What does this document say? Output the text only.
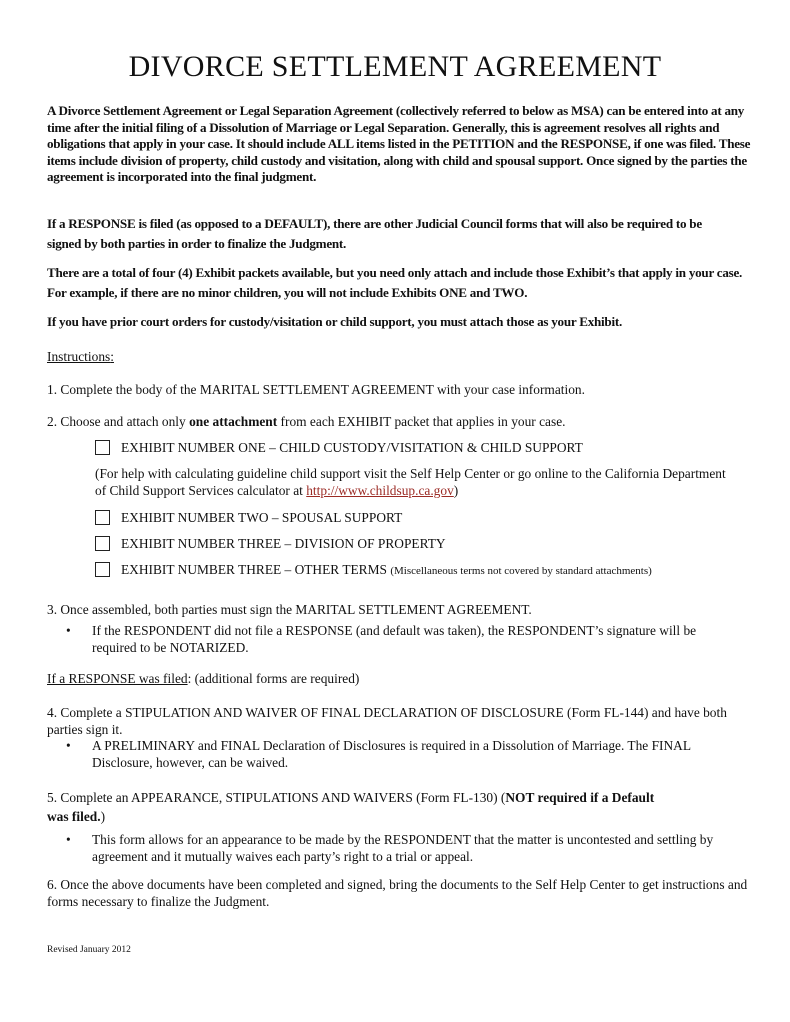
DIVORCE SETTLEMENT AGREEMENT
A Divorce Settlement Agreement or Legal Separation Agreement (collectively referred to below as MSA) can be entered into at any time after the initial filing of a Dissolution of Marriage or Legal Separation. Generally, this is agreement resolves all rights and obligations that apply in your case. It should include ALL items listed in the PETITION and the RESPONSE, if one was filed. These items include division of property, child custody and visitation, along with child and spousal support. Once signed by the parties the agreement is incorporated into the final judgment.
If a RESPONSE is filed (as opposed to a DEFAULT), there are other Judicial Council forms that will also be required to be signed by both parties in order to finalize the Judgment.
There are a total of four (4) Exhibit packets available, but you need only attach and include those Exhibit’s that apply in your case. For example, if there are no minor children, you will not include Exhibits ONE and TWO.
If you have prior court orders for custody/visitation or child support, you must attach those as your Exhibit.
Instructions:
1. Complete the body of the MARITAL SETTLEMENT AGREEMENT with your case information.
2. Choose and attach only one attachment from each EXHIBIT packet that applies in your case.
EXHIBIT NUMBER ONE – CHILD CUSTODY/VISITATION & CHILD SUPPORT
(For help with calculating guideline child support visit the Self Help Center or go online to the California Department of Child Support Services calculator at http://www.childsup.ca.gov)
EXHIBIT NUMBER TWO – SPOUSAL SUPPORT
EXHIBIT NUMBER THREE – DIVISION OF PROPERTY
EXHIBIT NUMBER THREE – OTHER TERMS (Miscellaneous terms not covered by standard attachments)
3. Once assembled, both parties must sign the MARITAL SETTLEMENT AGREEMENT.
• If the RESPONDENT did not file a RESPONSE (and default was taken), the RESPONDENT’s signature will be required to be NOTARIZED.
If a RESPONSE was filed: (additional forms are required)
4. Complete a STIPULATION AND WAIVER OF FINAL DECLARATION OF DISCLOSURE (Form FL-144) and have both parties sign it.
• A PRELIMINARY and FINAL Declaration of Disclosures is required in a Dissolution of Marriage. The FINAL Disclosure, however, can be waived.
5. Complete an APPEARANCE, STIPULATIONS AND WAIVERS (Form FL-130) (NOT required if a Default
was filed.)
• This form allows for an appearance to be made by the RESPONDENT that the matter is uncontested and settling by agreement and it mutually waives each party’s right to a trial or appeal.
6. Once the above documents have been completed and signed, bring the documents to the Self Help Center to get instructions and forms necessary to finalize the Judgment.
Revised January 2012
